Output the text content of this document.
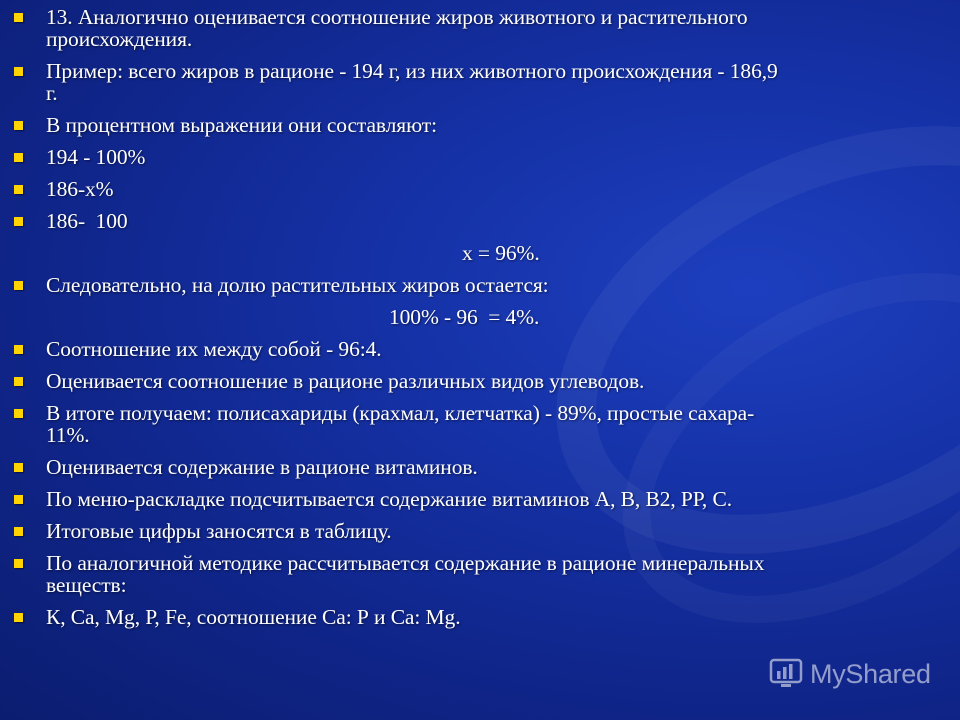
13. Аналогично оценивается соотношение жиров животного и растительного
происхождения.
Пример: всего жиров в рационе - 194 г, из них животного происхождения - 186,9
г.
В процентном выражении они составляют:
194 - 100%
186-х%
186-  100
х = 96%.
Следовательно, на долю растительных жиров остается:
100% - 96  = 4%.
Соотношение их между собой - 96:4.
Оценивается соотношение в рационе различных видов углеводов.
В итоге получаем: полисахариды (крахмал, клетчатка) - 89%, простые сахара-
11%.
Оценивается содержание в рационе витаминов.
По меню-раскладке подсчитывается содержание витаминов А, В, В2, РР, С.
Итоговые цифры заносятся в таблицу.
По аналогичной методике рассчитывается содержание в рационе минеральных
веществ:
К, Са, Mg, Р, Fe, соотношение Са: Р и Са: Mg.
MyShared
